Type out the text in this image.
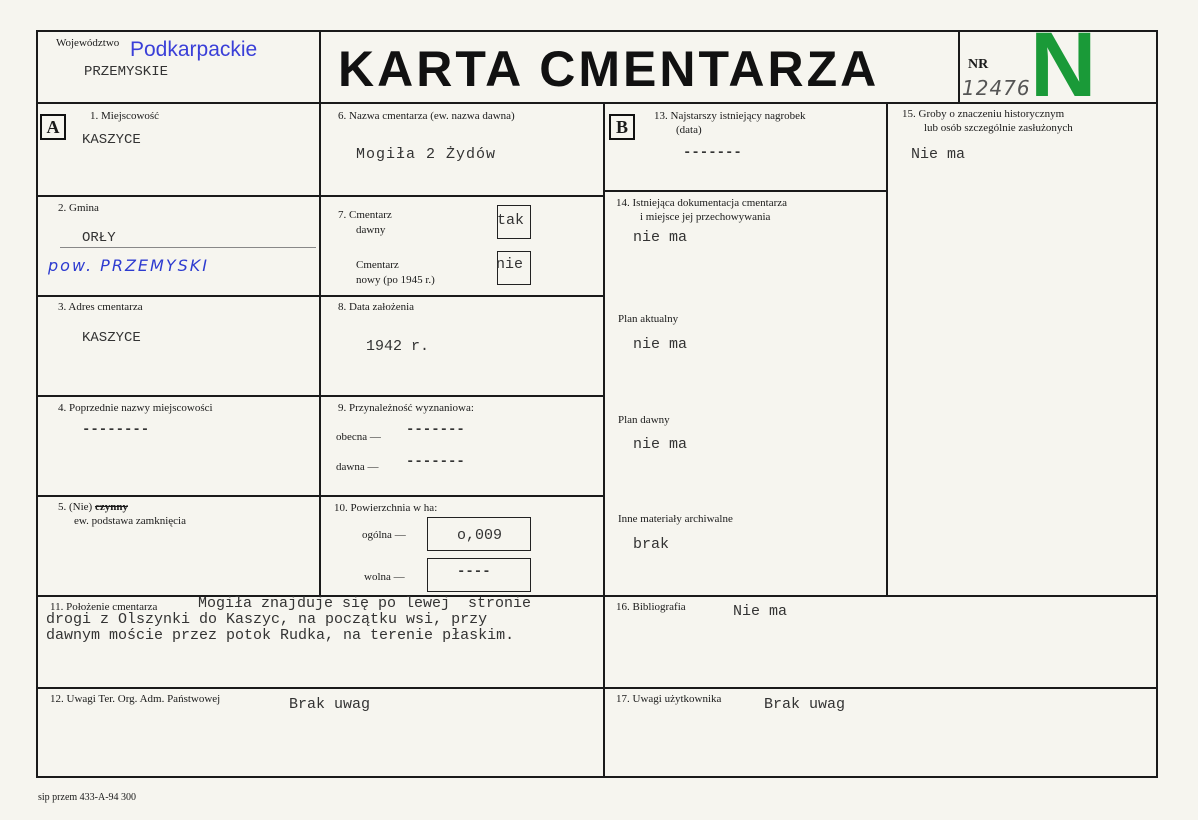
Województwo Podkarpackie
PRZEMYSKIE	KARTA CMENTARZA	NR
12476 N
A	B
1. Miejscowość
KASZYCE
2. Gmina
ORŁY
pow. PRZEMYSKI
3. Adres cmentarza
KASZYCE
4. Poprzednie nazwy miejscowości
--------
5. (Nie) czynny
ew. podstawa zamknięcia
6. Nazwa cmentarza (ew. nazwa dawna)
Mogiła 2 Żydów
7. Cmentarz
dawny
tak
Cmentarz
nowy (po 1945 r.)
nie
8. Data założenia
1942 r.
9. Przynależność wyznaniowa:
obecna — -------
dawna — -------
10. Powierzchnia w ha:
ogólna —	o,009
wolna —	----
11. Położenie cmentarza	Mogiła znajduje się po lewej  stronie
drogi z Olszynki do Kaszyc, na początku wsi, przy
dawnym moście przez potok Rudka, na terenie płaskim.
12. Uwagi Ter. Org. Adm. Państwowej	Brak uwag
13. Najstarszy istniejący nagrobek
(data)
-------
14. Istniejąca dokumentacja cmentarza
i miejsce jej przechowywania
nie ma
Plan aktualny
nie ma
Plan dawny
nie ma
Inne materiały archiwalne
brak
15. Groby o znaczeniu historycznym
lub osób szczególnie zasłużonych
Nie ma
16. Bibliografia	Nie ma
17. Uwagi użytkownika	Brak uwag
sip przem 433-A-94 300
